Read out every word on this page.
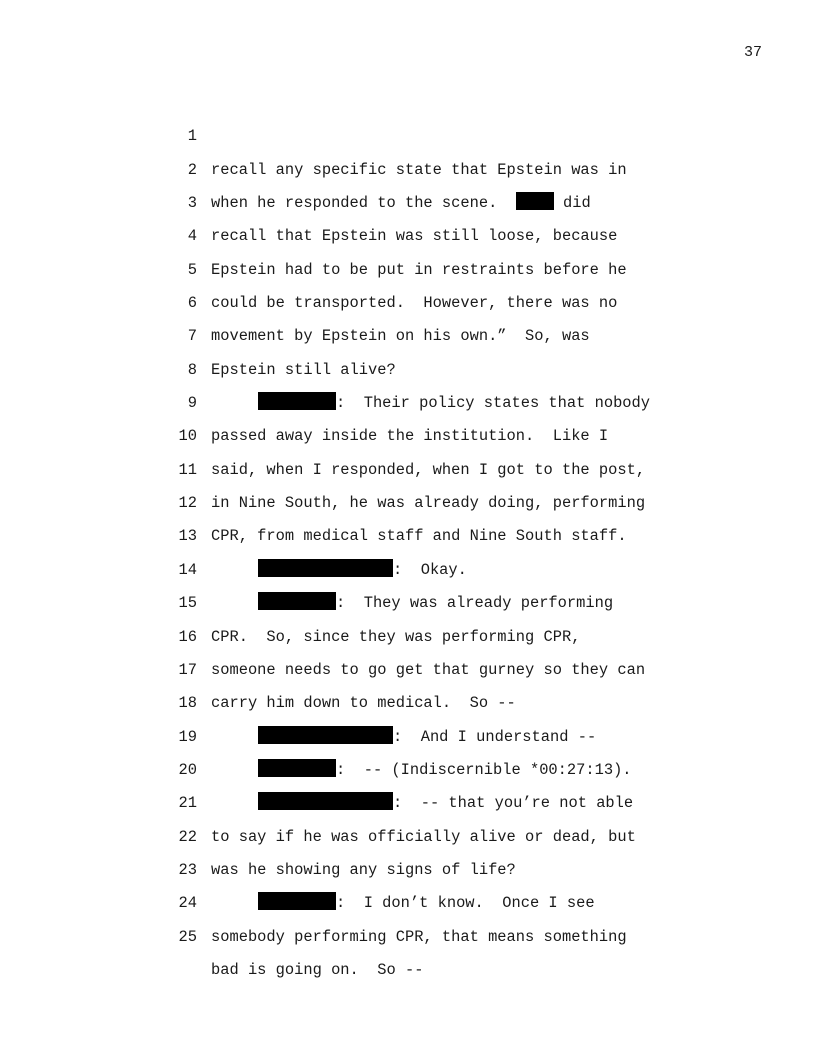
37

1

recall any specific state that Epstein was in

2

when he responded to the scene.   did

3

recall that Epstein was still loose, because

4

Epstein had to be put in restraints before he

5

could be transported.  However, there was no

6

movement by Epstein on his own.”  So, was

7

Epstein still alive?

8

:  Their policy states that nobody

9

passed away inside the institution.  Like I

10

said, when I responded, when I got to the post,

11

in Nine South, he was already doing, performing

12

CPR, from medical staff and Nine South staff.

13

:  Okay.

14

:  They was already performing

15

CPR.  So, since they was performing CPR,

16

someone needs to go get that gurney so they can

17

carry him down to medical.  So --

18

:  And I understand --

19

:  -- (Indiscernible *00:27:13).

20

:  -- that you’re not able

21

to say if he was officially alive or dead, but

22

was he showing any signs of life?

23

:  I don’t know.  Once I see

24

somebody performing CPR, that means something

25

bad is going on.  So --
